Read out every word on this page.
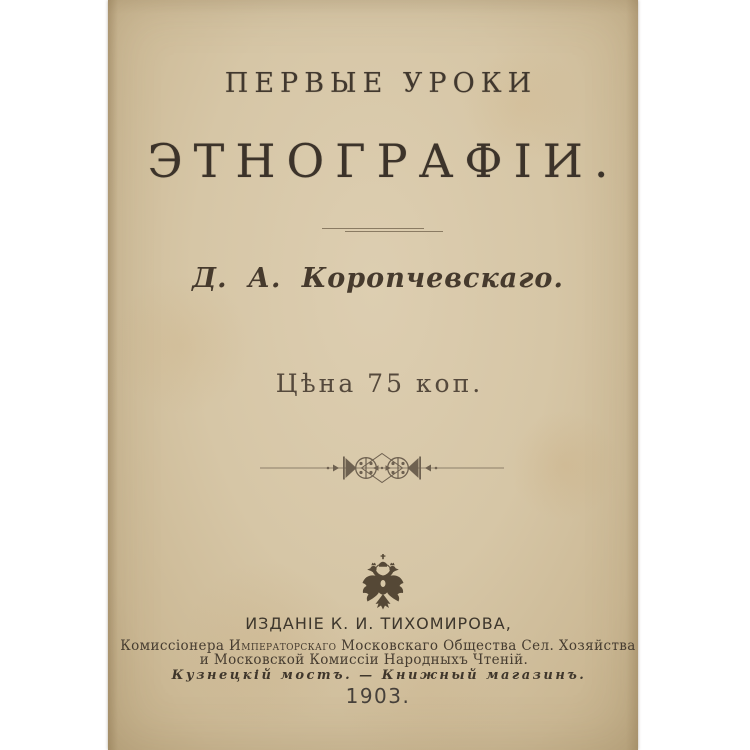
ПЕРВЫЕ УРОКИ
ЭТНОГРАФІИ.
Д. А. Коропчевскаго.
Цѣна 75 коп.
ИЗДАНІЕ К. И. ТИХОМИРОВА,
Комиссіонера Императорскаго Московскаго Общества Сел. Хозяйства
и Московской Комиссіи Народныхъ Чтеній.
Кузнецкій мостъ. — Книжный магазинъ.
1903.
